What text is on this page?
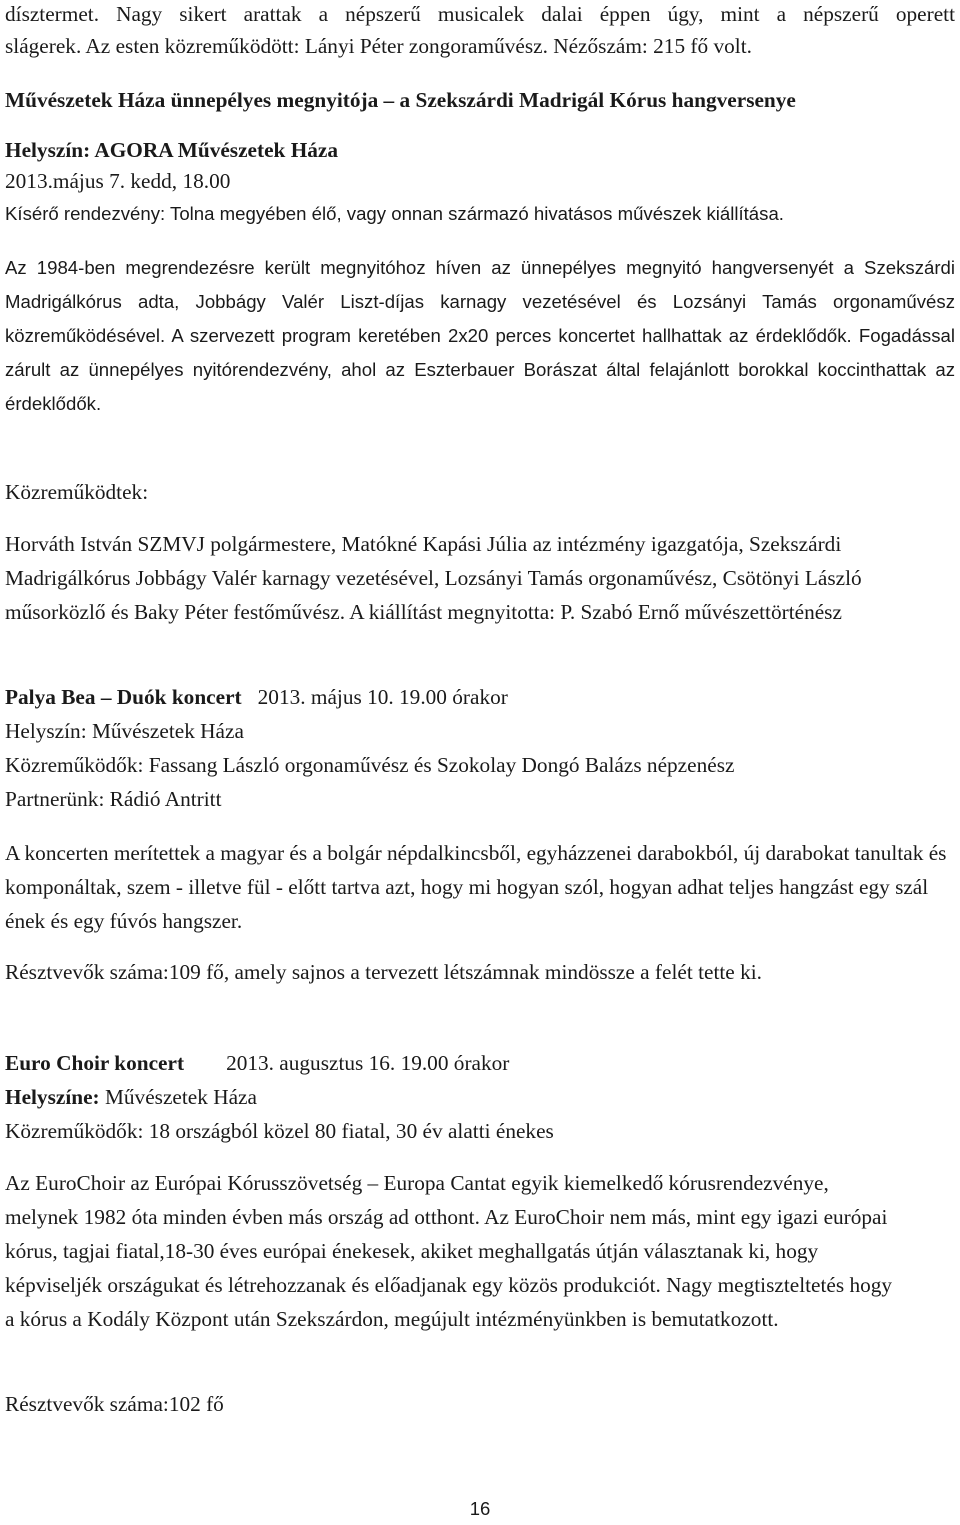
dísztermet. Nagy sikert arattak a népszerű musicalek dalai éppen úgy, mint a népszerű operett

slágerek. Az esten közreműködött: Lányi Péter zongoraművész. Nézőszám: 215 fő volt.

Művészetek Háza ünnepélyes megnyitója – a Szekszárdi Madrigál Kórus hangversenye

Helyszín: AGORA Művészetek Háza

2013.május 7. kedd, 18.00

Kísérő rendezvény: Tolna megyében élő, vagy onnan származó hivatásos művészek kiállítása.

Az 1984-ben megrendezésre került megnyitóhoz híven az ünnepélyes megnyitó hangversenyét a Szekszárdi Madrigálkórus adta, Jobbágy Valér Liszt-díjas karnagy vezetésével és Lozsányi Tamás orgonaművész közreműködésével. A szervezett program keretében 2x20 perces koncertet hallhattak az érdeklődők. Fogadással zárult az ünnepélyes nyitórendezvény, ahol az Eszterbauer Borászat által felajánlott borokkal koccinthattak az érdeklődők.

Közreműködtek:

Horváth István SZMVJ polgármestere, Matókné Kapási Júlia az intézmény igazgatója, Szekszárdi Madrigálkórus Jobbágy Valér karnagy vezetésével, Lozsányi Tamás orgonaművész, Csötönyi László műsorközlő és Baky Péter festőművész. A kiállítást megnyitotta: P. Szabó Ernő művészettörténész

Palya Bea – Duók koncert 2013. május 10. 19.00 órakor

Helyszín: Művészetek Háza

Közreműködők: Fassang László orgonaművész és Szokolay Dongó Balázs népzenész

Partnerünk: Rádió Antritt

A koncerten merítettek a magyar és a bolgár népdalkincsből, egyházzenei darabokból, új darabokat tanultak és komponáltak, szem - illetve fül - előtt tartva azt, hogy mi hogyan szól, hogyan adhat teljes hangzást egy szál ének és egy fúvós hangszer.

Résztvevők száma:109 fő, amely sajnos a tervezett létszámnak mindössze a felét tette ki.

Euro Choir koncert 2013. augusztus 16. 19.00 órakor

Helyszíne: Művészetek Háza

Közreműködők: 18 országból közel 80 fiatal, 30 év alatti énekes

Az EuroChoir az Európai Kórusszövetség – Europa Cantat egyik kiemelkedő kórusrendezvénye, melynek 1982 óta minden évben más ország ad otthont. Az EuroChoir nem más, mint egy igazi európai kórus, tagjai fiatal,18-30 éves európai énekesek, akiket meghallgatás útján választanak ki, hogy képviseljék országukat és létrehozzanak és előadjanak egy közös produkciót. Nagy megtiszteltetés hogy a kórus a Kodály Központ után Szekszárdon, megújult intézményünkben is bemutatkozott.

Résztvevők száma:102 fő

16
